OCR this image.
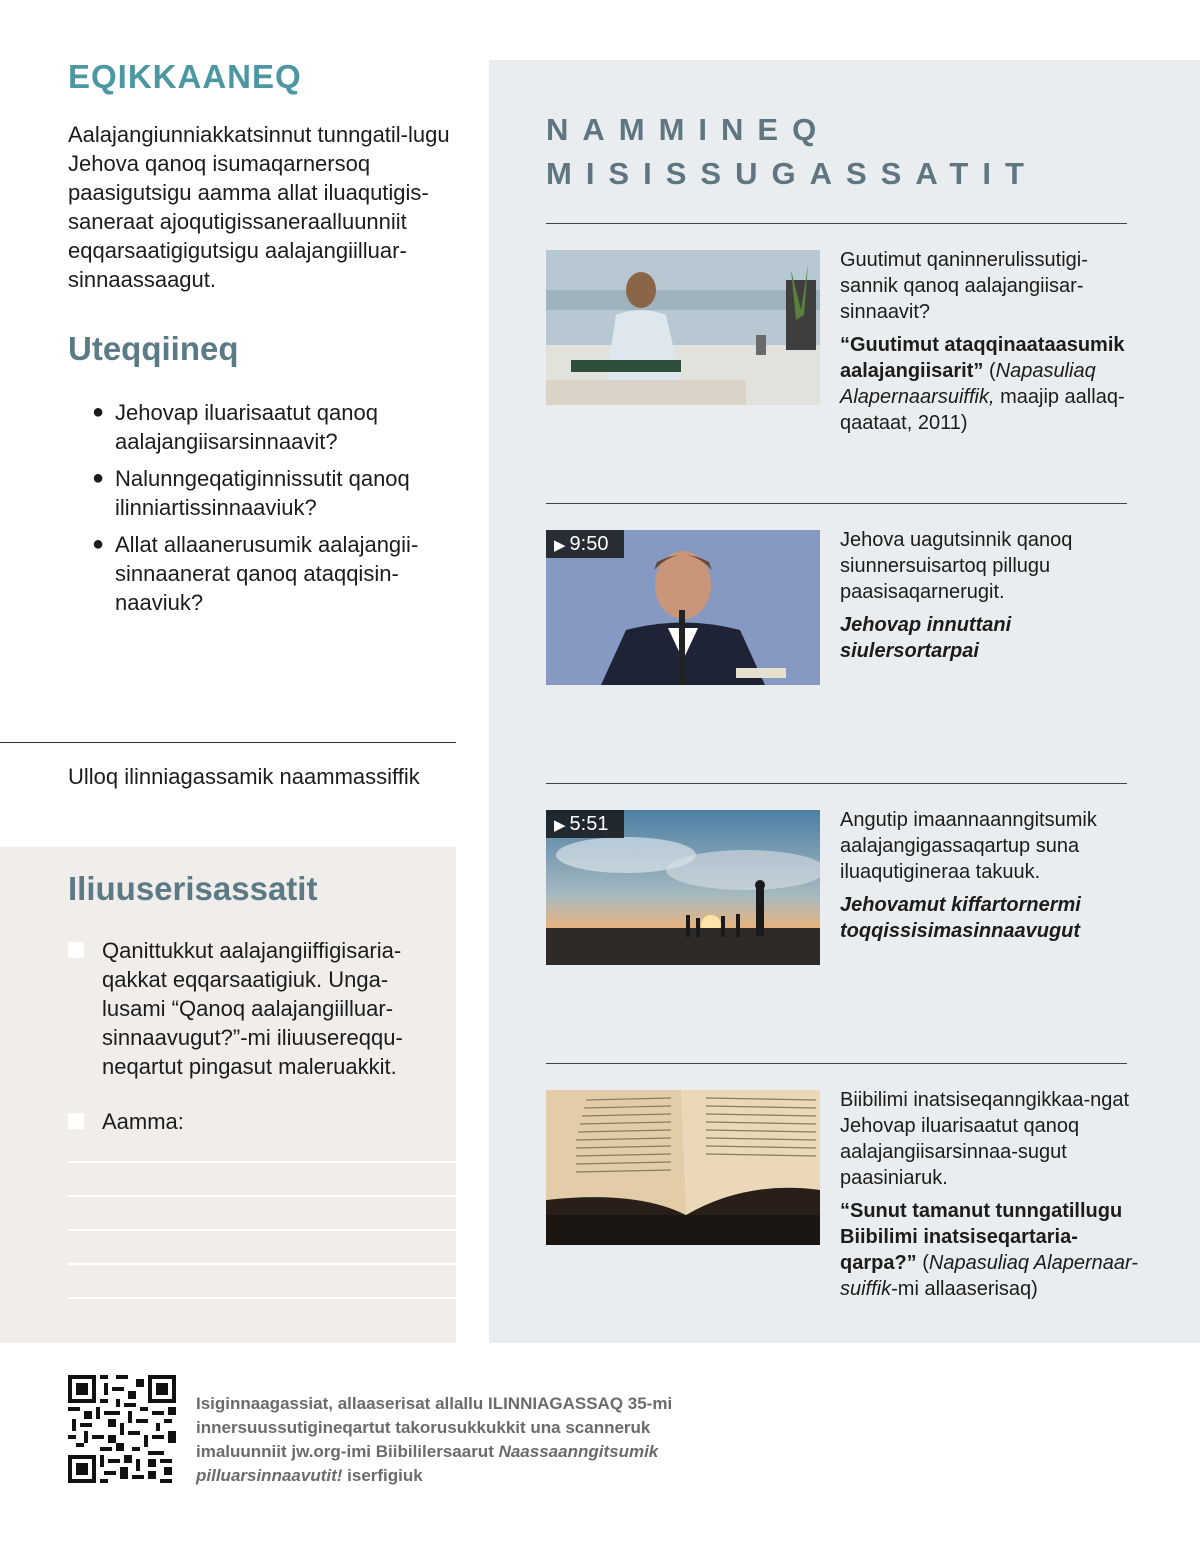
EQIKKAANEQ
Aalajangiunniakkatsinnut tunngatil-lugu Jehova qanoq isumaqarnersoq paasigutsigu aamma allat iluaqutigis-saneraat ajoqutigissaneraalluunniit eqqarsaatigigutsigu aalajangiilluar-sinnaassaagut.
Uteqqiineq
● Jehovap iluarisaatut qanoq aalajangiisarsinnaavit?
● Nalunngeqatiginnissutit qanoq ilinniartissinnaaviuk?
● Allat allaanerusumik aalajangii-sinnaanerat qanoq ataqqisin-naaviuk?
Ulloq ilinniagassamik naammassiffik
Iliuuserisassatit
Qanittukkut aalajangiiffigisaria-qakkat eqqarsaatigiuk. Unga-lusami “Qanoq aalajangiilluar-sinnaavugut?”-mi iliuusereqqu-neqartut pingasut maleruakkit.
Aamma:
NAMMINEQ
MISISSUGASSATIT
Guutimut qaninnerulissutigi-sannik qanoq aalajangiisar-sinnaavit?
“Guutimut ataqqinaataasumik aalajangiisarit” (Napasuliaq Alapernaarsuiffik, maajip aallaq-qaataat, 2011)
▶ 9:50	Jehova uagutsinnik qanoq siunnersuisartoq pillugu paasisaqarnerugit.
Jehovap innuttani siulersortarpai
▶ 5:51	Angutip imaannaanngitsumik aalajangigassaqartup suna iluaqutigineraa takuuk.
Jehovamut kiffartornermi toqqissisimasinnaavugut
Biibilimi inatsiseqanngikkaa-ngat Jehovap iluarisaatut qanoq aalajangiisarsinnaa-sugut paasiniaruk.
“Sunut tamanut tunngatillugu Biibilimi inatsiseqartaria-qarpa?” (Napasuliaq Alapernaar-suiffik-mi allaaserisaq)
Isiginnaagassiat, allaaserisat allallu ILINNIAGASSAQ 35-mi innersuussutigineqartut takorusukkukkit una scanneruk imaluunniit jw.org-imi Biibililersaarut Naassaanngitsumik pilluarsinnaavutit! iserfigiuk
